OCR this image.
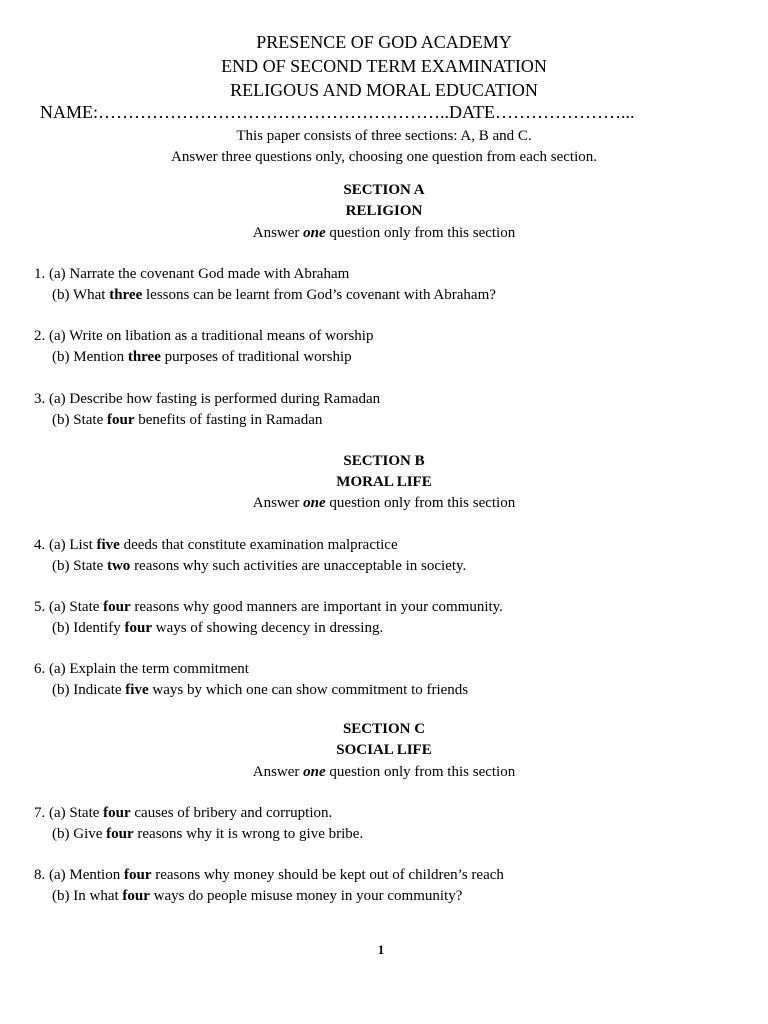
PRESENCE OF GOD ACADEMY
END OF SECOND TERM EXAMINATION
RELIGOUS AND MORAL EDUCATION
NAME:…………………………………………………..DATE…………………...
This paper consists of three sections: A, B and C.
Answer three questions only, choosing one question from each section.
SECTION A
RELIGION
Answer one question only from this section
1. (a) Narrate the covenant God made with Abraham
(b) What three lessons can be learnt from God’s covenant with Abraham?
2. (a) Write on libation as a traditional means of worship
(b) Mention three purposes of traditional worship
3. (a) Describe how fasting is performed during Ramadan
(b) State four benefits of fasting in Ramadan
SECTION B
MORAL LIFE
Answer one question only from this section
4. (a) List five deeds that constitute examination malpractice
(b) State two reasons why such activities are unacceptable in society.
5. (a) State four reasons why good manners are important in your community.
(b) Identify four ways of showing decency in dressing.
6. (a) Explain the term commitment
(b) Indicate five ways by which one can show commitment to friends
SECTION C
SOCIAL LIFE
Answer one question only from this section
7. (a) State four causes of bribery and corruption.
(b) Give four reasons why it is wrong to give bribe.
8. (a) Mention four reasons why money should be kept out of children’s reach
(b) In what four ways do people misuse money in your community?
1
